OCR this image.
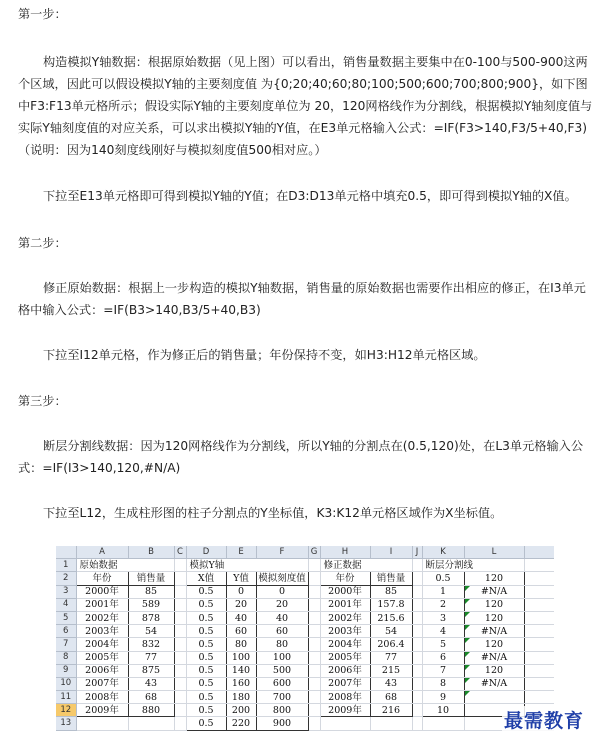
第一步：
构造模拟Y轴数据：根据原始数据（见上图）可以看出，销售量数据主要集中在0-100与500-900这两个区域，因此可以假设模拟Y轴的主要刻度值 为{0;20;40;60;80;100;500;600;700;800;900}，如下图中F3:F13单元格所示；假设实际Y轴的主要刻度单位为 20，120网格线作为分割线，根据模拟Y轴刻度值与实际Y轴刻度值的对应关系，可以求出模拟Y轴的Y值，在E3单元格输入公式：=IF(F3>140,F3/5+40,F3)（说明：因为140刻度线刚好与模拟刻度值500相对应。）
下拉至E13单元格即可得到模拟Y轴的Y值；在D3:D13单元格中填充0.5，即可得到模拟Y轴的X值。
第二步：
修正原始数据：根据上一步构造的模拟Y轴数据，销售量的原始数据也需要作出相应的修正，在I3单元格中输入公式：=IF(B3>140,B3/5+40,B3)
下拉至I12单元格，作为修正后的销售量；年份保持不变，如H3:H12单元格区域。
第三步：
断层分割线数据：因为120网格线作为分割线，所以Y轴的分割点在(0.5,120)处，在L3单元格输入公式：=IF(I3>140,120,#N/A)
下拉至L12，生成柱形图的柱子分割点的Y坐标值，K3:K12单元格区域作为X坐标值。
	A	B	C	D	E	F	G	H	I	J	K	L	
1	原始数据			模拟Y轴				修正数据			断层分割线		
2	年份	销售量		X值	Y值	模拟刻度值		年份	销售量		0.5	120	
3	2000年	85		0.5	0	0		2000年	85		1	#N/A	
4	2001年	589		0.5	20	20		2001年	157.8		2	120	
5	2002年	878		0.5	40	40		2002年	215.6		3	120	
6	2003年	54		0.5	60	60		2003年	54		4	#N/A	
7	2004年	832		0.5	80	80		2004年	206.4		5	120	
8	2005年	77		0.5	100	100		2005年	77		6	#N/A	
9	2006年	875		0.5	140	500		2006年	215		7	120	
10	2007年	43		0.5	160	600		2007年	43		8	#N/A	
11	2008年	68		0.5	180	700		2008年	68		9		
12	2009年	880		0.5	200	800		2009年	216		10		
13				0.5	220	900								最需教育
